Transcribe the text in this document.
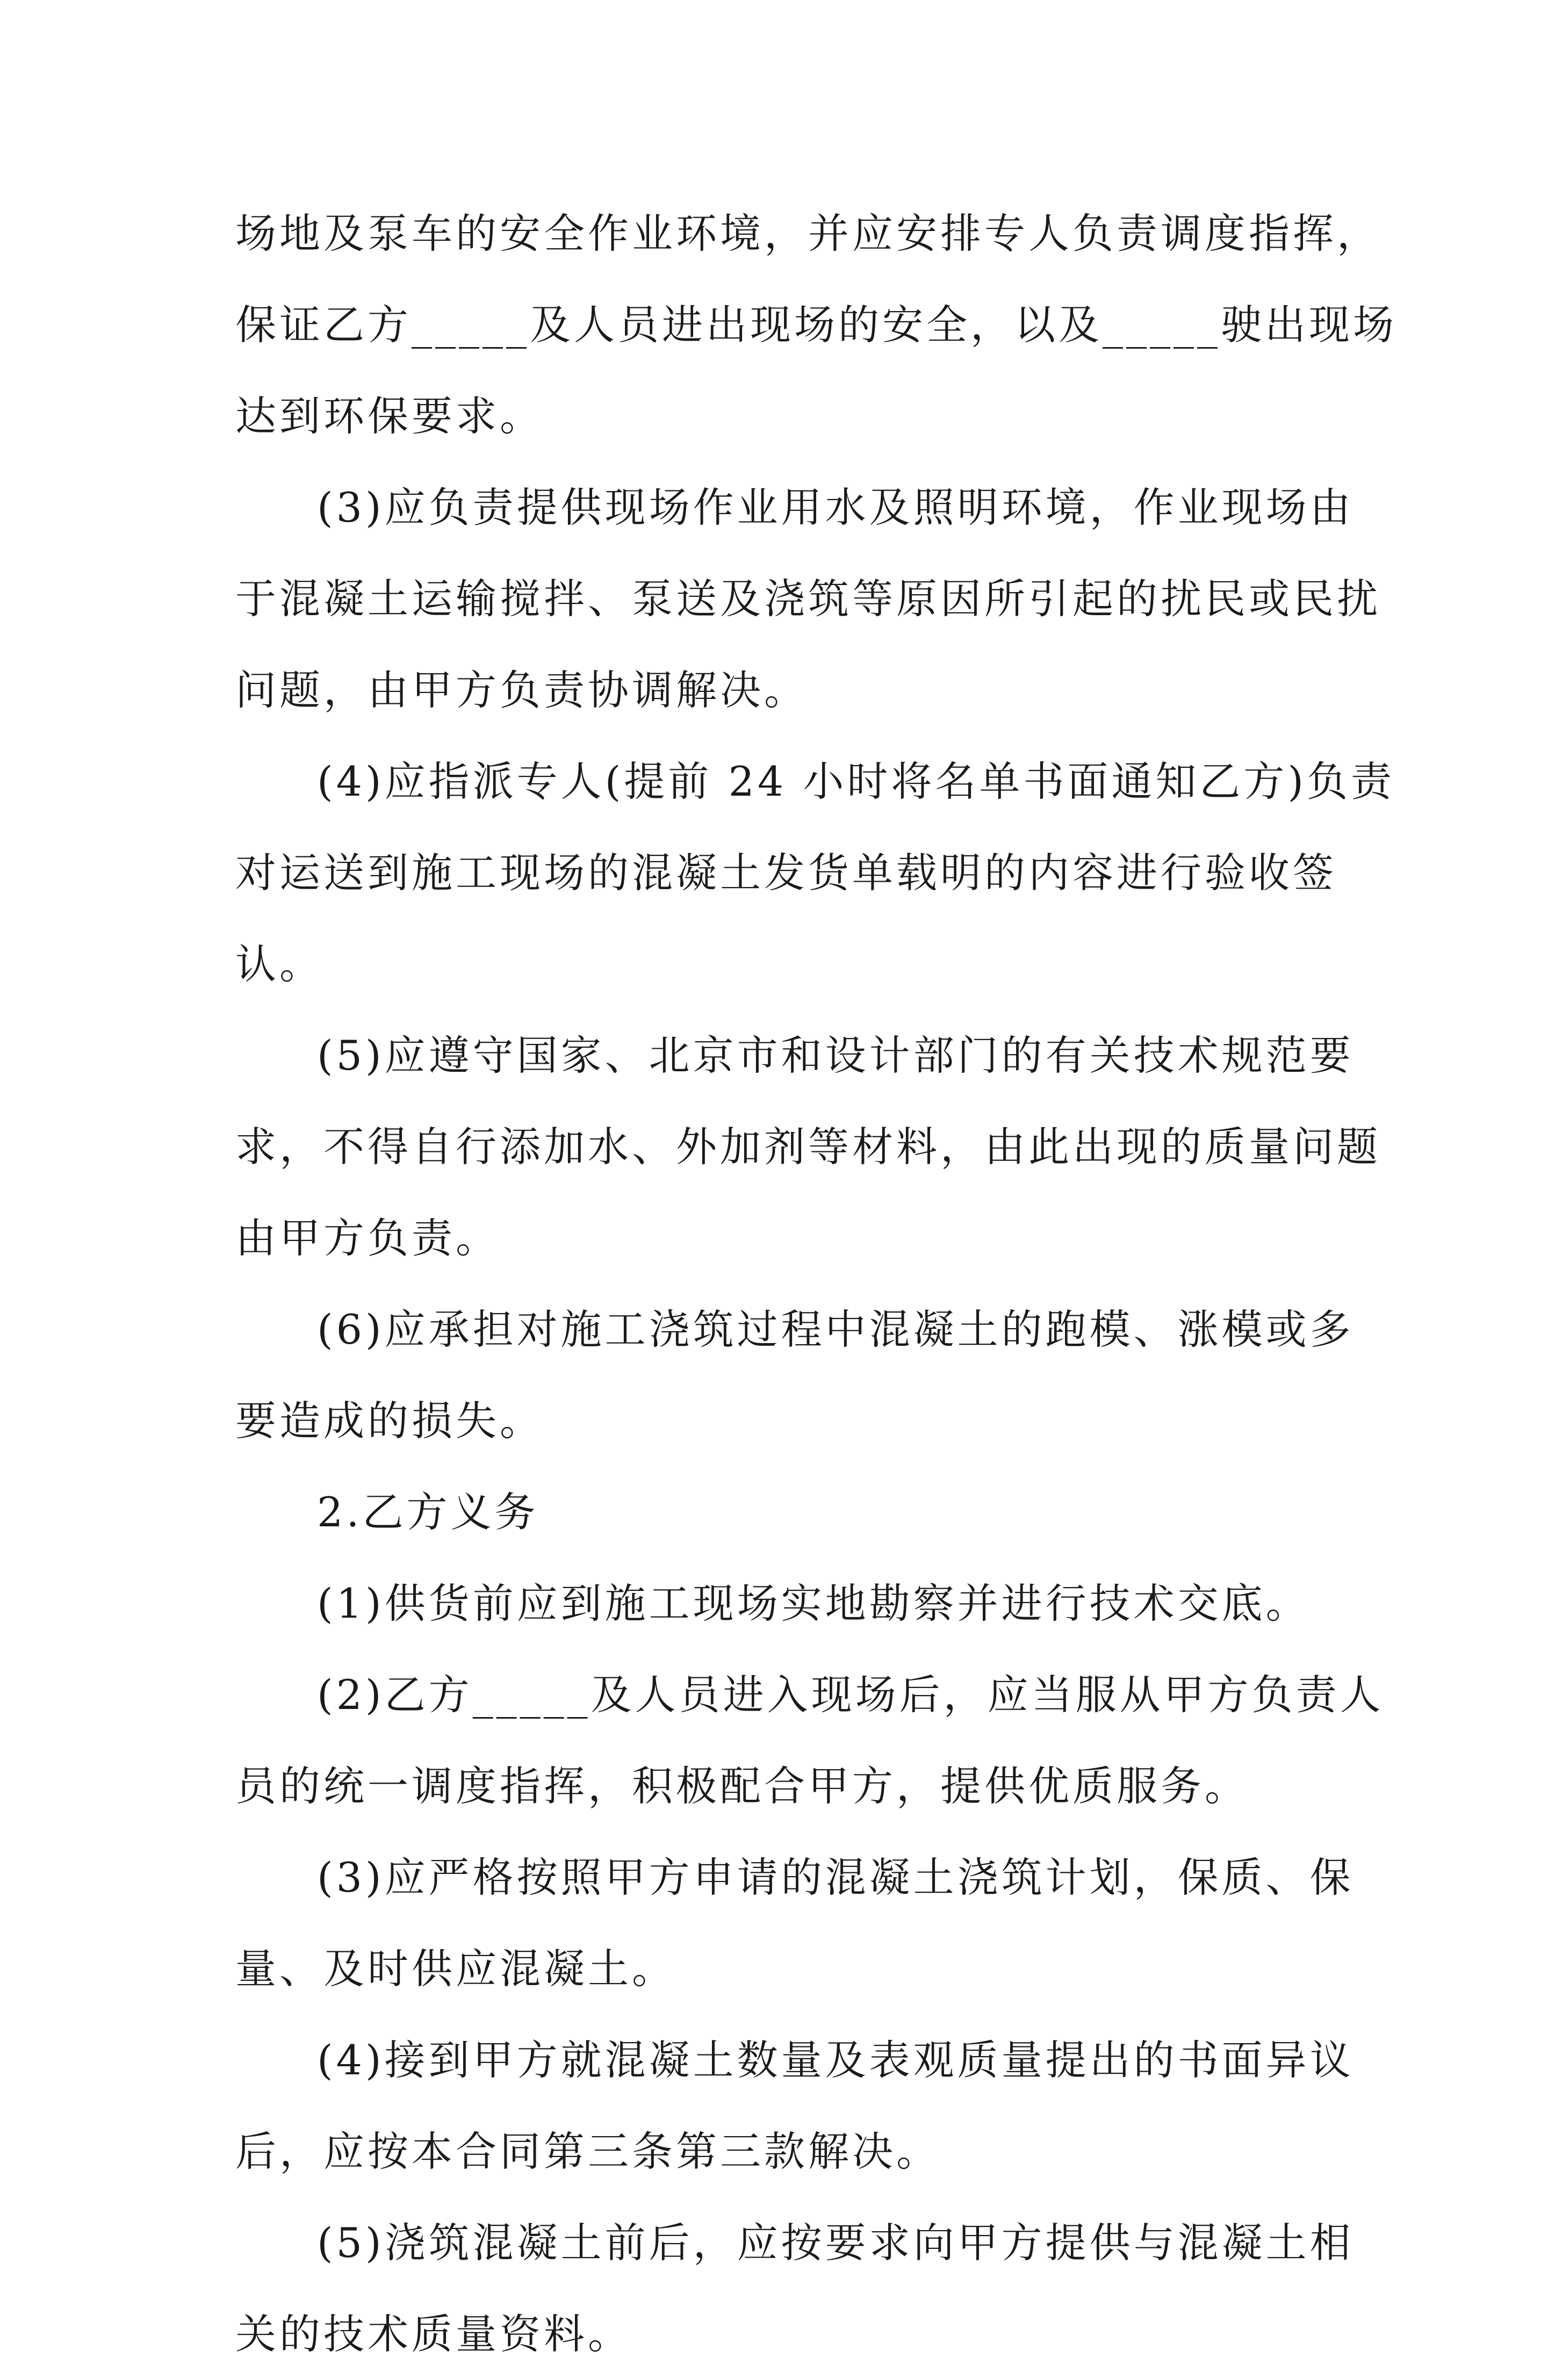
场地及泵车的安全作业环境，并应安排专人负责调度指挥，
保证乙方_____及人员进出现场的安全，以及_____驶出现场
达到环保要求。

(3)应负责提供现场作业用水及照明环境，作业现场由
于混凝土运输搅拌、泵送及浇筑等原因所引起的扰民或民扰
问题，由甲方负责协调解决。

(4)应指派专人(提前 24 小时将名单书面通知乙方)负责
对运送到施工现场的混凝土发货单载明的内容进行验收签
认。

(5)应遵守国家、北京市和设计部门的有关技术规范要
求，不得自行添加水、外加剂等材料，由此出现的质量问题
由甲方负责。

(6)应承担对施工浇筑过程中混凝土的跑模、涨模或多
要造成的损失。

2.乙方义务

(1)供货前应到施工现场实地勘察并进行技术交底。

(2)乙方_____及人员进入现场后，应当服从甲方负责人
员的统一调度指挥，积极配合甲方，提供优质服务。

(3)应严格按照甲方申请的混凝土浇筑计划，保质、保
量、及时供应混凝土。

(4)接到甲方就混凝土数量及表观质量提出的书面异议
后，应按本合同第三条第三款解决。

(5)浇筑混凝土前后，应按要求向甲方提供与混凝土相
关的技术质量资料。
